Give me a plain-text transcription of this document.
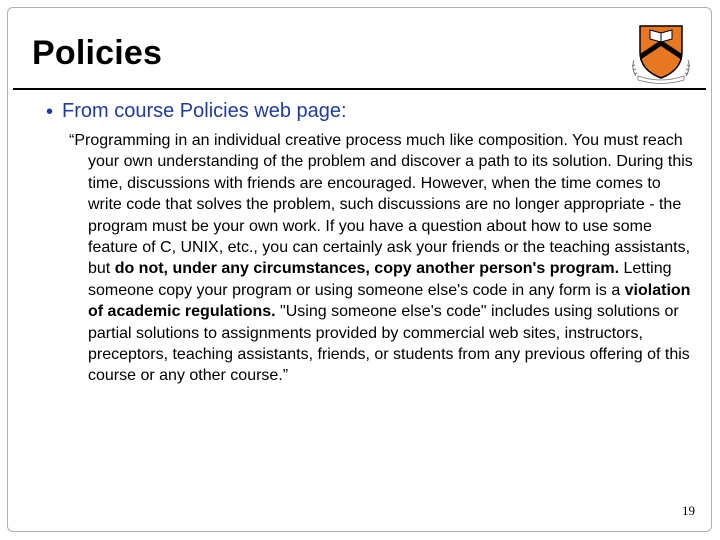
Policies
• From course Policies web page:
“Programming in an individual creative process much like composition. You must reach your own understanding of the problem and discover a path to its solution. During this time, discussions with friends are encouraged. However, when the time comes to write code that solves the problem, such discussions are no longer appropriate - the program must be your own work. If you have a question about how to use some feature of C, UNIX, etc., you can certainly ask your friends or the teaching assistants, but do not, under any circumstances, copy another person's program. Letting someone copy your program or using someone else's code in any form is a violation of academic regulations. "Using someone else's code" includes using solutions or partial solutions to assignments provided by commercial web sites, instructors, preceptors, teaching assistants, friends, or students from any previous offering of this course or any other course.”
19
